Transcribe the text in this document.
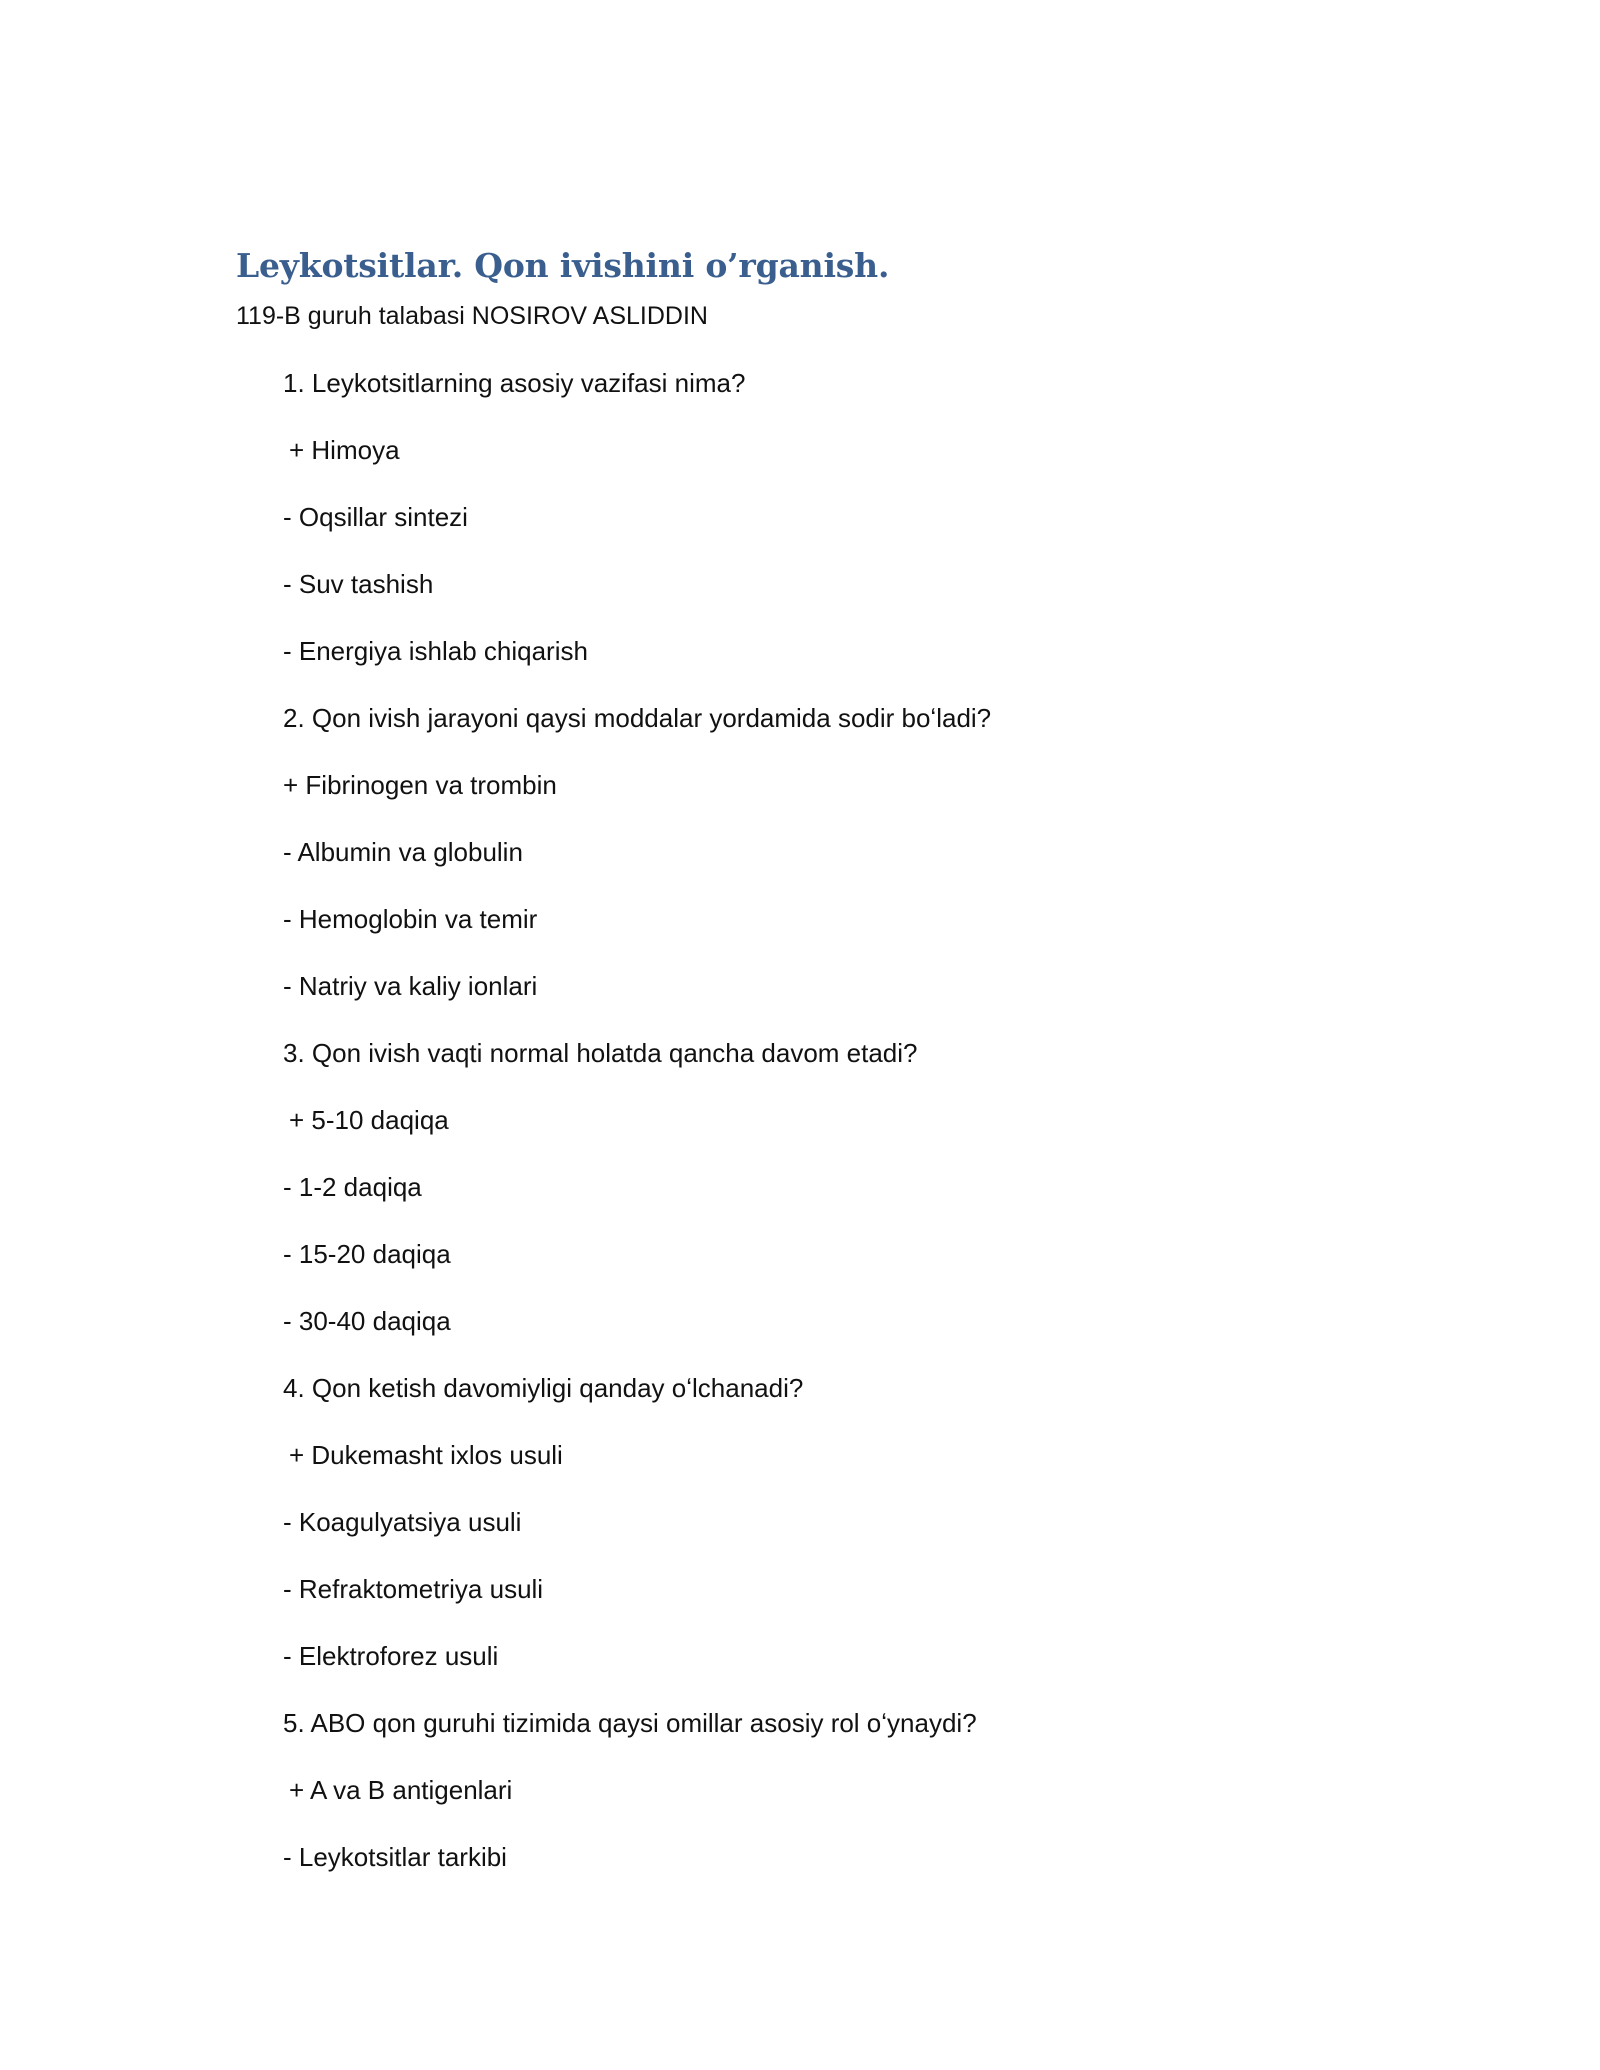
Leykotsitlar. Qon ivishini o’rganish.

119-B guruh talabasi NOSIROV ASLIDDIN

1. Leykotsitlarning asosiy vazifasi nima?
+ Himoya
- Oqsillar sintezi
- Suv tashish
- Energiya ishlab chiqarish
2. Qon ivish jarayoni qaysi moddalar yordamida sodir boʻladi?
+ Fibrinogen va trombin
- Albumin va globulin
- Hemoglobin va temir
- Natriy va kaliy ionlari
3. Qon ivish vaqti normal holatda qancha davom etadi?
+ 5-10 daqiqa
- 1-2 daqiqa
- 15-20 daqiqa
- 30-40 daqiqa
4. Qon ketish davomiyligi qanday oʻlchanadi?
+ Dukemasht ixlos usuli
- Koagulyatsiya usuli
- Refraktometriya usuli
- Elektroforez usuli
5. ABO qon guruhi tizimida qaysi omillar asosiy rol oʻynaydi?
+ A va B antigenlari
- Leykotsitlar tarkibi
